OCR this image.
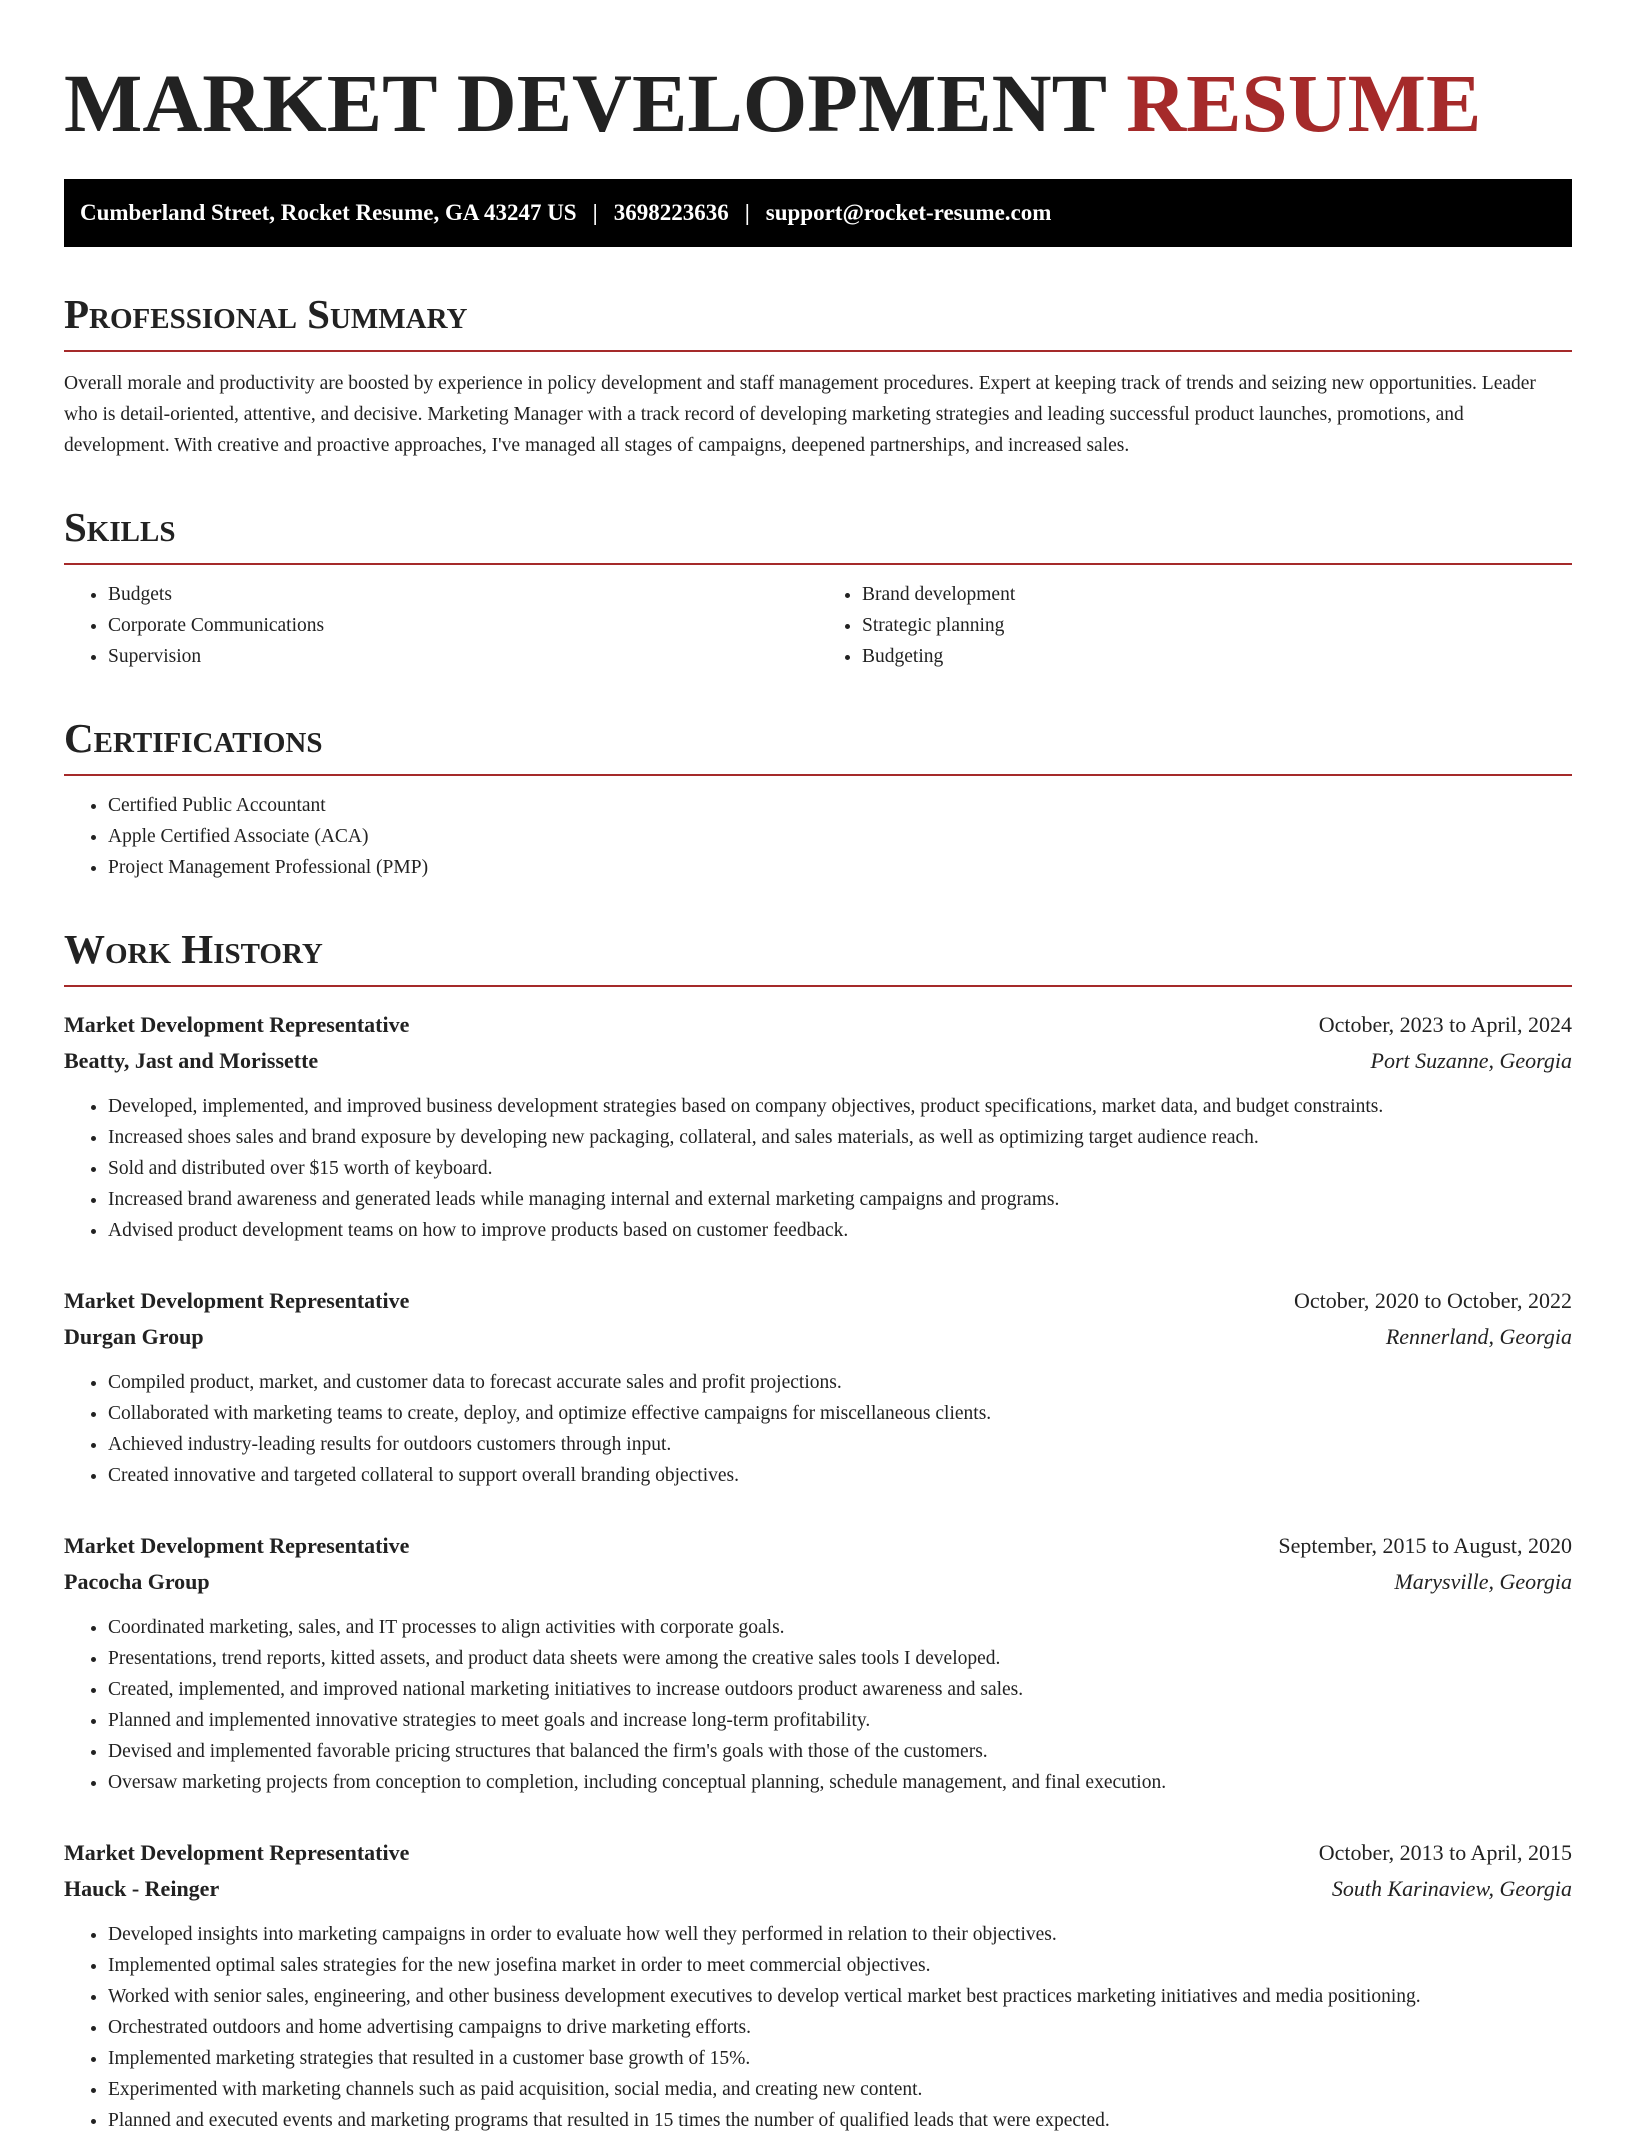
MARKET DEVELOPMENT RESUME
Cumberland Street, Rocket Resume, GA 43247 US | 3698223636 | support@rocket-resume.com
Professional Summary

Overall morale and productivity are boosted by experience in policy development and staff management procedures. Expert at keeping track of trends and seizing new opportunities. Leader who is detail-oriented, attentive, and decisive. Marketing Manager with a track record of developing marketing strategies and leading successful product launches, promotions, and development. With creative and proactive approaches, I've managed all stages of campaigns, deepened partnerships, and increased sales.

Skills
• Budgets
• Corporate Communications
• Supervision
• Brand development
• Strategic planning
• Budgeting
Certifications
• Certified Public Accountant
• Apple Certified Associate (ACA)
• Project Management Professional (PMP)
Work History
Market Development Representative	October, 2023 to April, 2024
Beatty, Jast and Morissette	Port Suzanne, Georgia
• Developed, implemented, and improved business development strategies based on company objectives, product specifications, market data, and budget constraints.
• Increased shoes sales and brand exposure by developing new packaging, collateral, and sales materials, as well as optimizing target audience reach.
• Sold and distributed over $15 worth of keyboard.
• Increased brand awareness and generated leads while managing internal and external marketing campaigns and programs.
• Advised product development teams on how to improve products based on customer feedback.
Market Development Representative	October, 2020 to October, 2022
Durgan Group	Rennerland, Georgia
• Compiled product, market, and customer data to forecast accurate sales and profit projections.
• Collaborated with marketing teams to create, deploy, and optimize effective campaigns for miscellaneous clients.
• Achieved industry-leading results for outdoors customers through input.
• Created innovative and targeted collateral to support overall branding objectives.
Market Development Representative	September, 2015 to August, 2020
Pacocha Group	Marysville, Georgia
• Coordinated marketing, sales, and IT processes to align activities with corporate goals.
• Presentations, trend reports, kitted assets, and product data sheets were among the creative sales tools I developed.
• Created, implemented, and improved national marketing initiatives to increase outdoors product awareness and sales.
• Planned and implemented innovative strategies to meet goals and increase long-term profitability.
• Devised and implemented favorable pricing structures that balanced the firm's goals with those of the customers.
• Oversaw marketing projects from conception to completion, including conceptual planning, schedule management, and final execution.
Market Development Representative	October, 2013 to April, 2015
Hauck - Reinger	South Karinaview, Georgia
• Developed insights into marketing campaigns in order to evaluate how well they performed in relation to their objectives.
• Implemented optimal sales strategies for the new josefina market in order to meet commercial objectives.
• Worked with senior sales, engineering, and other business development executives to develop vertical market best practices marketing initiatives and media positioning.
• Orchestrated outdoors and home advertising campaigns to drive marketing efforts.
• Implemented marketing strategies that resulted in a customer base growth of 15%.
• Experimented with marketing channels such as paid acquisition, social media, and creating new content.
• Planned and executed events and marketing programs that resulted in 15 times the number of qualified leads that were expected.
